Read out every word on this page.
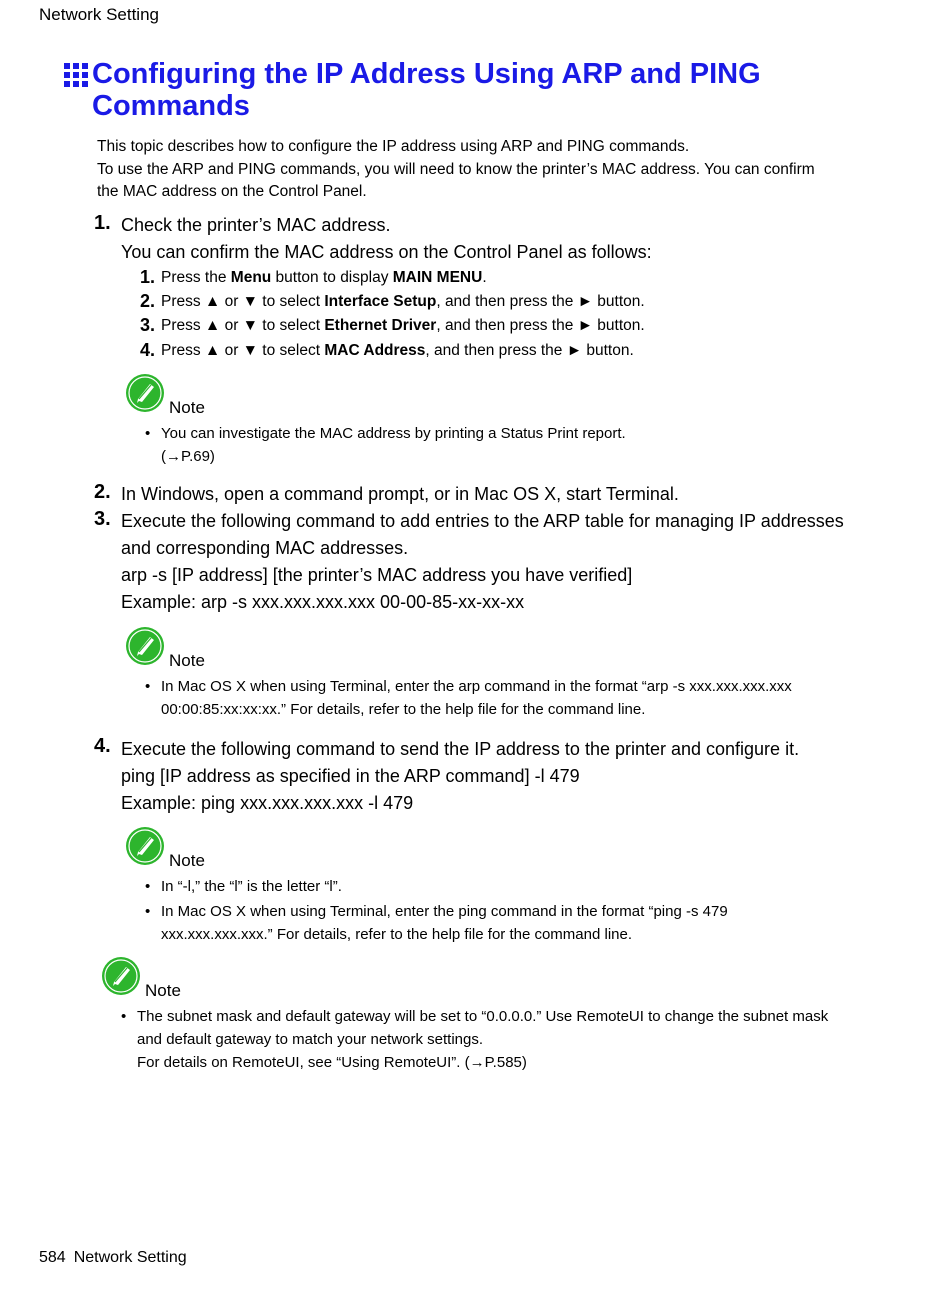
Network Setting
Configuring the IP Address Using ARP and PING
Commands
This topic describes how to configure the IP address using ARP and PING commands.
To use the ARP and PING commands, you will need to know the printer’s MAC address. You can confirm
the MAC address on the Control Panel.
1. Check the printer’s MAC address.
You can confirm the MAC address on the Control Panel as follows:
1. Press the Menu button to display MAIN MENU.
2. Press ▲ or ▼ to select Interface Setup, and then press the ► button.
3. Press ▲ or ▼ to select Ethernet Driver, and then press the ► button.
4. Press ▲ or ▼ to select MAC Address, and then press the ► button.
Note
• You can investigate the MAC address by printing a Status Print report.
(→P.69)
2. In Windows, open a command prompt, or in Mac OS X, start Terminal.
3. Execute the following command to add entries to the ARP table for managing IP addresses
and corresponding MAC addresses.
arp -s [IP address] [the printer’s MAC address you have verified]
Example: arp -s xxx.xxx.xxx.xxx 00-00-85-xx-xx-xx
Note
• In Mac OS X when using Terminal, enter the arp command in the format “arp -s xxx.xxx.xxx.xxx
00:00:85:xx:xx:xx.” For details, refer to the help file for the command line.
4. Execute the following command to send the IP address to the printer and configure it.
ping [IP address as specified in the ARP command] -l 479
Example: ping xxx.xxx.xxx.xxx -l 479
Note
• In “-l,” the “l” is the letter “l”.
• In Mac OS X when using Terminal, enter the ping command in the format “ping -s 479
xxx.xxx.xxx.xxx.” For details, refer to the help file for the command line.
Note
• The subnet mask and default gateway will be set to “0.0.0.0.” Use RemoteUI to change the subnet mask
and default gateway to match your network settings.
For details on RemoteUI, see “Using RemoteUI”. (→P.585)
584 Network Setting
